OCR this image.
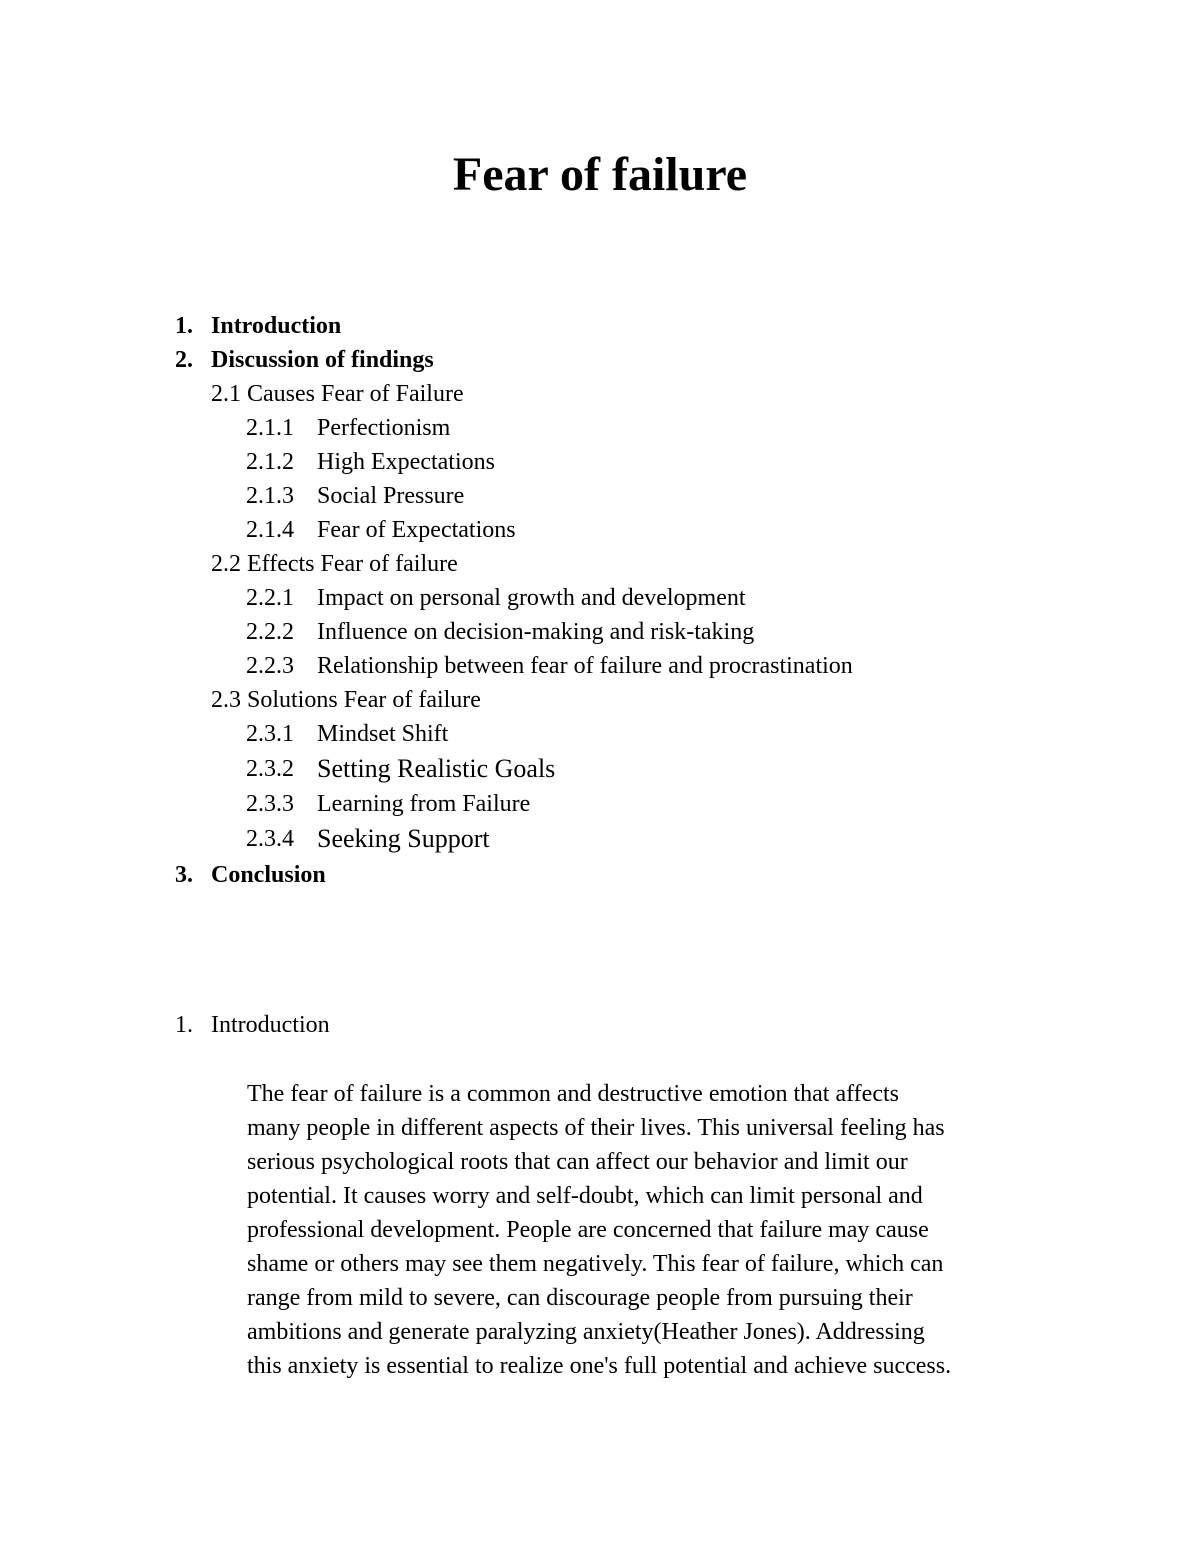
Fear of failure
1. Introduction
2. Discussion of findings
2.1 Causes Fear of Failure
2.1.1 Perfectionism
2.1.2 High Expectations
2.1.3 Social Pressure
2.1.4 Fear of Expectations
2.2 Effects Fear of failure
2.2.1 Impact on personal growth and development
2.2.2 Influence on decision-making and risk-taking
2.2.3 Relationship between fear of failure and procrastination
2.3 Solutions Fear of failure
2.3.1 Mindset Shift
2.3.2 Setting Realistic Goals
2.3.3 Learning from Failure
2.3.4 Seeking Support
3. Conclusion
1. Introduction
The fear of failure is a common and destructive emotion that affects
many people in different aspects of their lives. This universal feeling has
serious psychological roots that can affect our behavior and limit our
potential. It causes worry and self-doubt, which can limit personal and
professional development. People are concerned that failure may cause
shame or others may see them negatively. This fear of failure, which can
range from mild to severe, can discourage people from pursuing their
ambitions and generate paralyzing anxiety(Heather Jones). Addressing
this anxiety is essential to realize one's full potential and achieve success.
